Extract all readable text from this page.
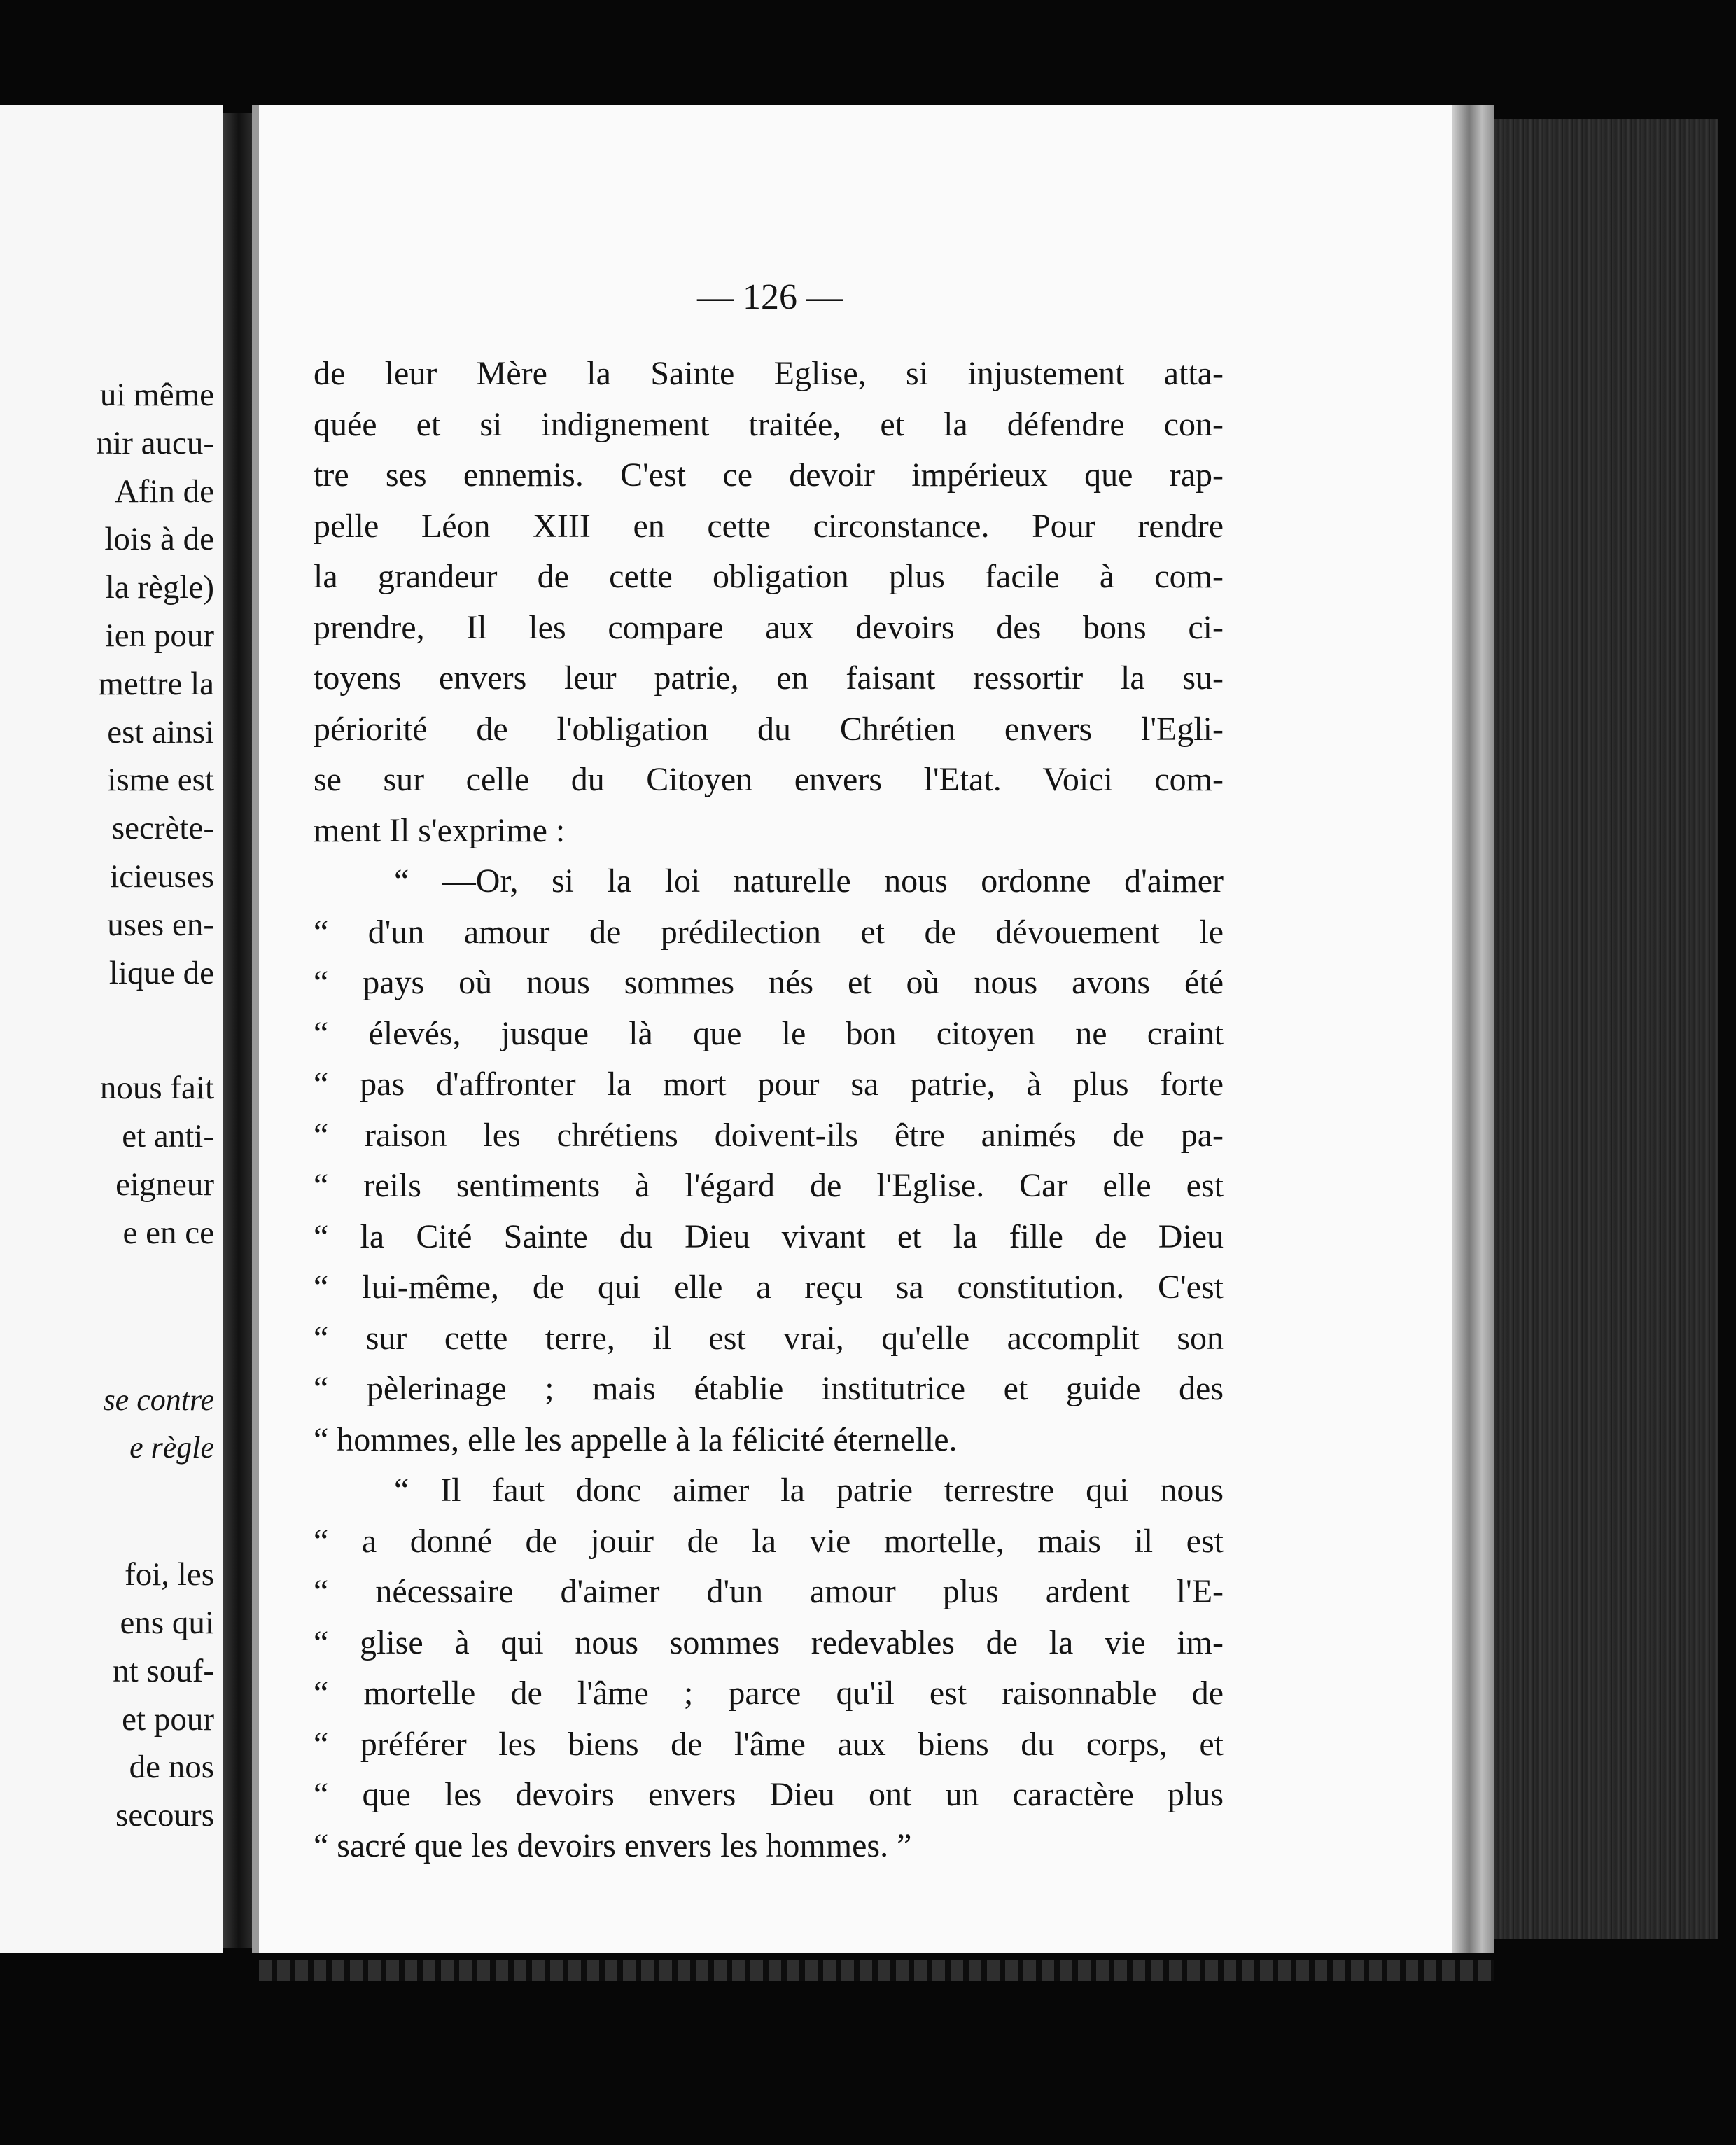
ui même
nir aucu-
Afin de
lois à de
la règle)
ien pour
mettre la
est ainsi
isme est
secrète-
icieuses
uses en-
lique de
nous fait
et anti-
eigneur
e en ce
se contre
e règle
foi, les
ens qui
nt souf-
et pour
de nos
secours
— 126 —
de leur Mère la Sainte Eglise, si injustement atta-
quée et si indignement traitée, et la défendre con-
tre ses ennemis. C'est ce devoir impérieux que rap-
pelle Léon XIII en cette circonstance. Pour rendre
la grandeur de cette obligation plus facile à com-
prendre, Il les compare aux devoirs des bons ci-
toyens envers leur patrie, en faisant ressortir la su-
périorité de l'obligation du Chrétien envers l'Egli-
se sur celle du Citoyen envers l'Etat. Voici com-
ment Il s'exprime :
“ —Or, si la loi naturelle nous ordonne d'aimer
“ d'un amour de prédilection et de dévouement le
“ pays où nous sommes nés et où nous avons été
“ élevés, jusque là que le bon citoyen ne craint
“ pas d'affronter la mort pour sa patrie, à plus forte
“ raison les chrétiens doivent-ils être animés de pa-
“ reils sentiments à l'égard de l'Eglise. Car elle est
“ la Cité Sainte du Dieu vivant et la fille de Dieu
“ lui-même, de qui elle a reçu sa constitution. C'est
“ sur cette terre, il est vrai, qu'elle accomplit son
“ pèlerinage ; mais établie institutrice et guide des
“ hommes, elle les appelle à la félicité éternelle.
“ Il faut donc aimer la patrie terrestre qui nous
“ a donné de jouir de la vie mortelle, mais il est
“ nécessaire d'aimer d'un amour plus ardent l'E-
“ glise à qui nous sommes redevables de la vie im-
“ mortelle de l'âme ; parce qu'il est raisonnable de
“ préférer les biens de l'âme aux biens du corps, et
“ que les devoirs envers Dieu ont un caractère plus
“ sacré que les devoirs envers les hommes. ”
